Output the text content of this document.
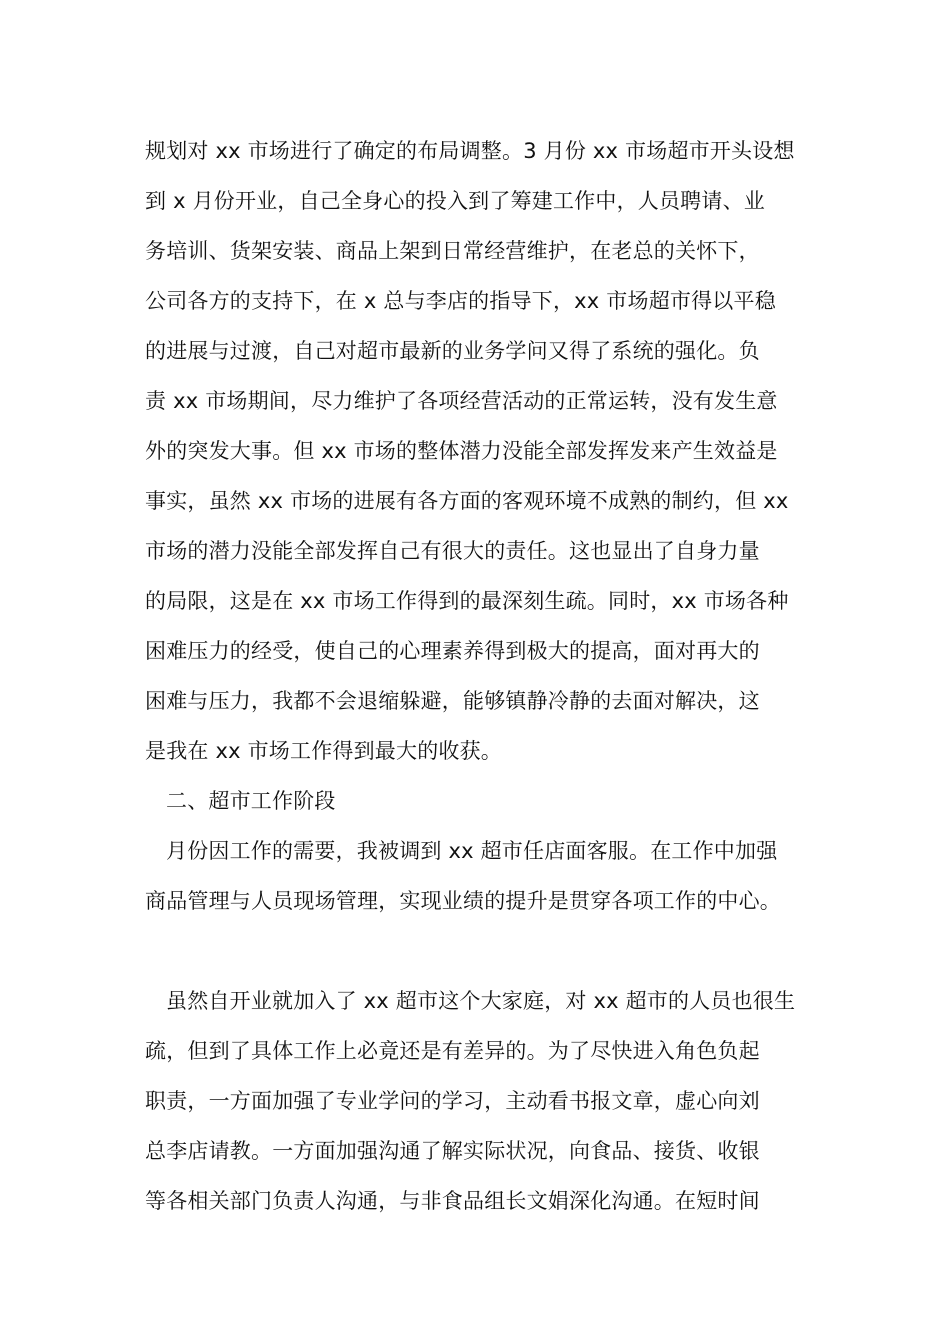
规划对 xx 市场进行了确定的布局调整。3 月份 xx 市场超市开头设想
到 x 月份开业，自己全身心的投入到了筹建工作中，人员聘请、业
务培训、货架安装、商品上架到日常经营维护，在老总的关怀下，
公司各方的支持下，在 x 总与李店的指导下，xx 市场超市得以平稳
的进展与过渡，自己对超市最新的业务学问又得了系统的强化。负
责 xx 市场期间，尽力维护了各项经营活动的正常运转，没有发生意
外的突发大事。但 xx 市场的整体潜力没能全部发挥发来产生效益是
事实，虽然 xx 市场的进展有各方面的客观环境不成熟的制约，但 xx
市场的潜力没能全部发挥自己有很大的责任。这也显出了自身力量
的局限，这是在 xx 市场工作得到的最深刻生疏。同时，xx 市场各种
困难压力的经受，使自己的心理素养得到极大的提高，面对再大的
困难与压力，我都不会退缩躲避，能够镇静冷静的去面对解决，这
是我在 xx 市场工作得到最大的收获。
二、超市工作阶段
月份因工作的需要，我被调到 xx 超市任店面客服。在工作中加强
商品管理与人员现场管理，实现业绩的提升是贯穿各项工作的中心。
虽然自开业就加入了 xx 超市这个大家庭，对 xx 超市的人员也很生
疏，但到了具体工作上必竟还是有差异的。为了尽快进入角色负起
职责，一方面加强了专业学问的学习，主动看书报文章，虚心向刘
总李店请教。一方面加强沟通了解实际状况，向食品、接货、收银
等各相关部门负责人沟通，与非食品组长文娟深化沟通。在短时间
